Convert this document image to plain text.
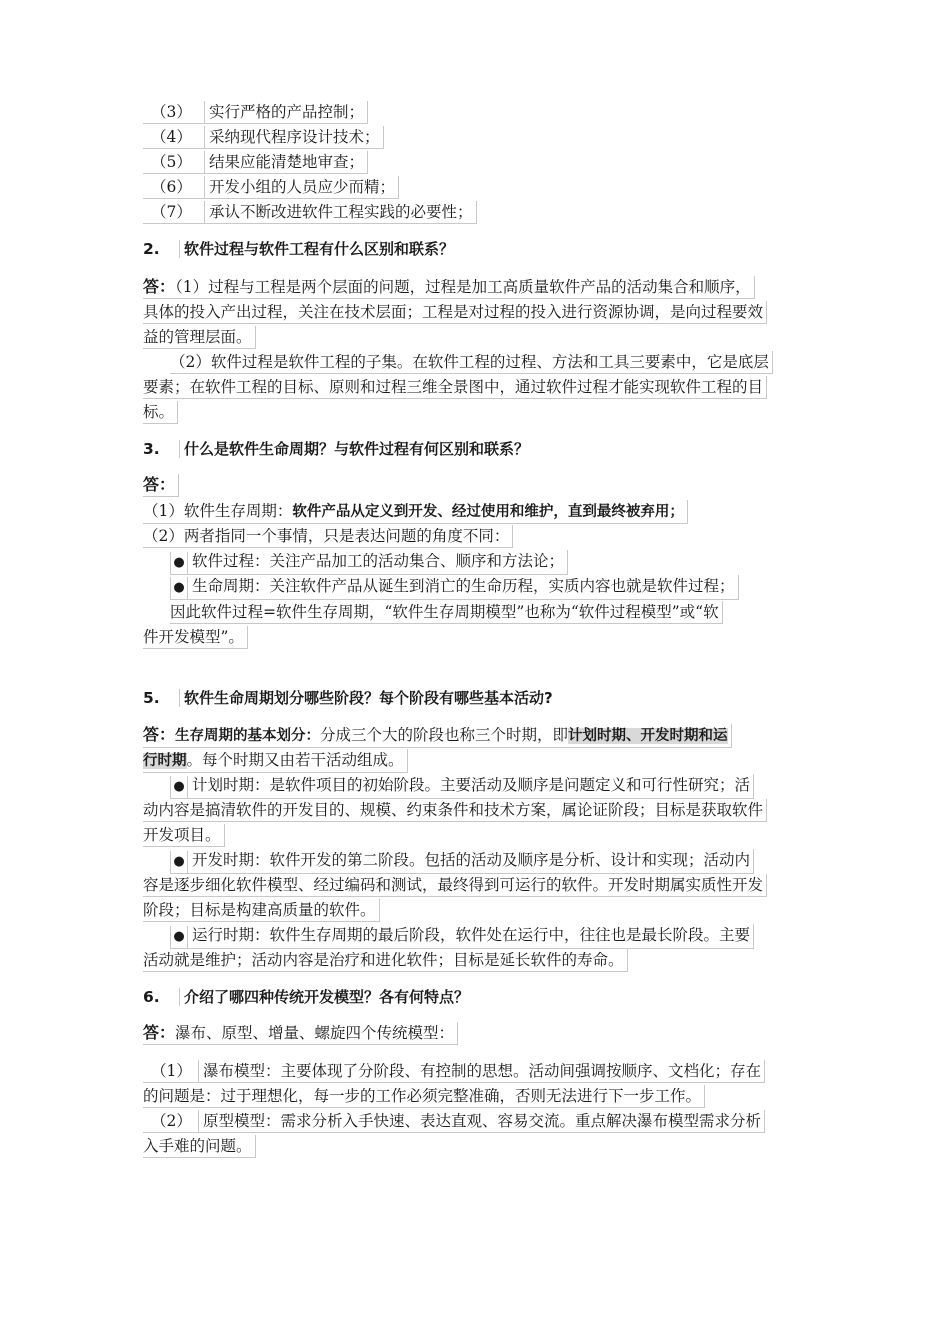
（3） 实行严格的产品控制；
（4） 采纳现代程序设计技术；
（5） 结果应能清楚地审查；
（6） 开发小组的人员应少而精；
（7） 承认不断改进软件工程实践的必要性；
2. 软件过程与软件工程有什么区别和联系？
答：（1）过程与工程是两个层面的问题，过程是加工高质量软件产品的活动集合和顺序，
具体的投入产出过程，关注在技术层面；工程是对过程的投入进行资源协调，是向过程要效
益的管理层面。
（2）软件过程是软件工程的子集。在软件工程的过程、方法和工具三要素中，它是底层
要素；在软件工程的目标、原则和过程三维全景图中，通过软件过程才能实现软件工程的目
标。
3. 什么是软件生命周期？与软件过程有何区别和联系？
答：
（1）软件生存周期：软件产品从定义到开发、经过使用和维护，直到最终被弃用；
（2）两者指同一个事情，只是表达问题的角度不同：
● 软件过程：关注产品加工的活动集合、顺序和方法论；
● 生命周期：关注软件产品从诞生到消亡的生命历程，实质内容也就是软件过程；
因此软件过程=软件生存周期，“软件生存周期模型”也称为“软件过程模型”或“软
件开发模型”。
5. 软件生命周期划分哪些阶段？每个阶段有哪些基本活动?
答：生存周期的基本划分：分成三个大的阶段也称三个时期，即计划时期、开发时期和运
行时期。每个时期又由若干活动组成。
● 计划时期：是软件项目的初始阶段。主要活动及顺序是问题定义和可行性研究；活
动内容是搞清软件的开发目的、规模、约束条件和技术方案，属论证阶段；目标是获取软件
开发项目。
● 开发时期：软件开发的第二阶段。包括的活动及顺序是分析、设计和实现；活动内
容是逐步细化软件模型、经过编码和测试，最终得到可运行的软件。开发时期属实质性开发
阶段；目标是构建高质量的软件。
● 运行时期：软件生存周期的最后阶段，软件处在运行中，往往也是最长阶段。主要
活动就是维护；活动内容是治疗和进化软件；目标是延长软件的寿命。
6. 介绍了哪四种传统开发模型？各有何特点？
答：瀑布、原型、增量、螺旋四个传统模型：
（1） 瀑布模型：主要体现了分阶段、有控制的思想。活动间强调按顺序、文档化；存在
的问题是：过于理想化，每一步的工作必须完整准确，否则无法进行下一步工作。
（2） 原型模型：需求分析入手快速、表达直观、容易交流。重点解决瀑布模型需求分析
入手难的问题。
